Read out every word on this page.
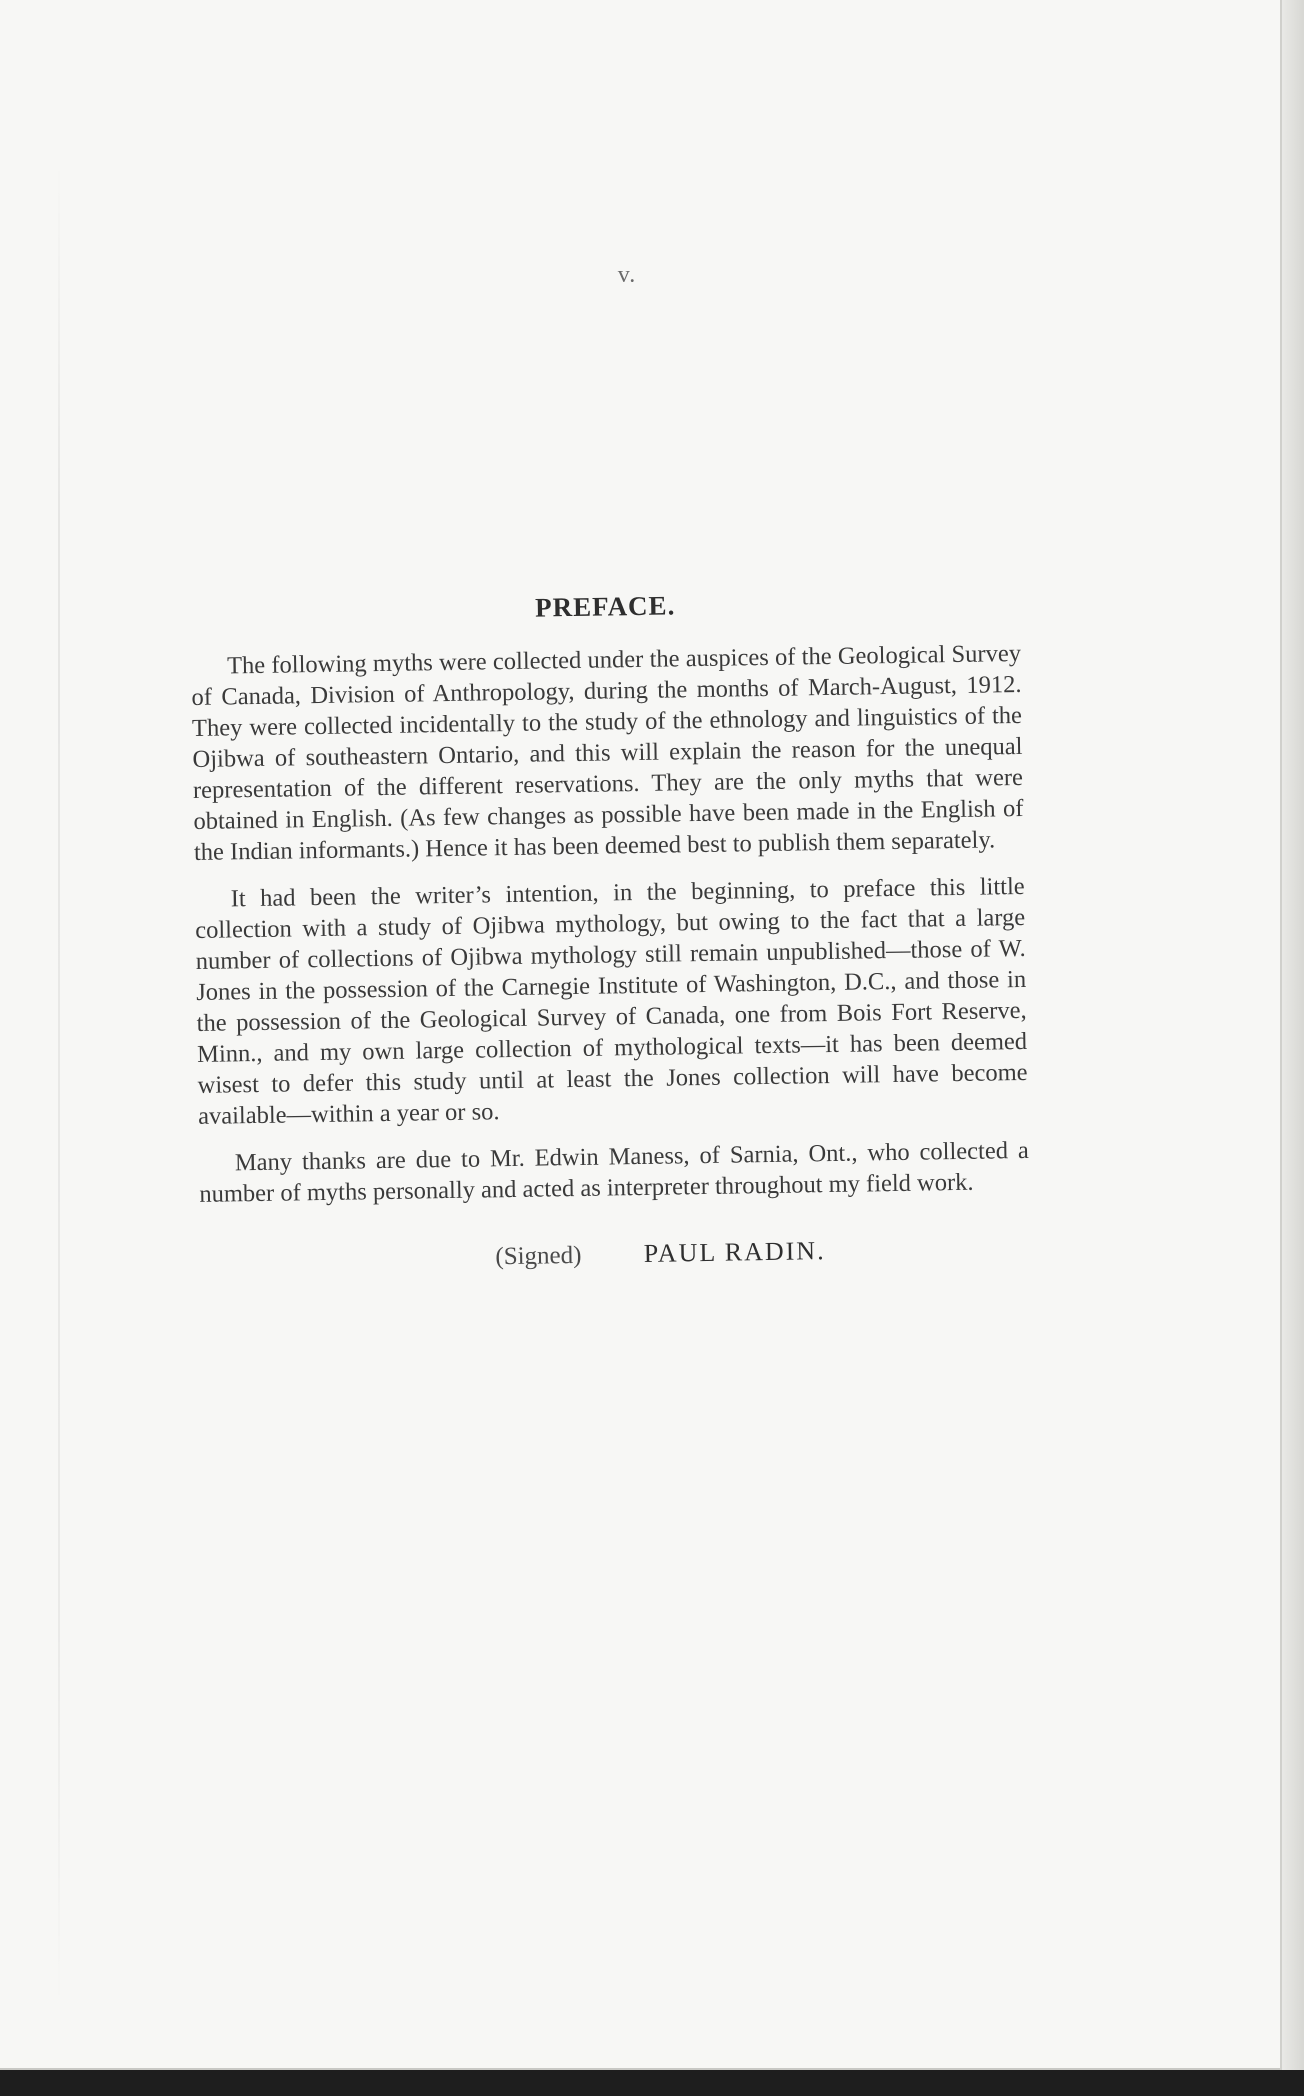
v.
PREFACE.

The following myths were collected under the auspices of the Geological Survey of Canada, Division of Anthropology, during the months of March-August, 1912. They were collected incidentally to the study of the ethnology and linguistics of the Ojibwa of southeastern Ontario, and this will explain the reason for the unequal representation of the different reservations. They are the only myths that were obtained in English. (As few changes as possible have been made in the English of the Indian informants.) Hence it has been deemed best to publish them separately.

It had been the writer’s intention, in the beginning, to preface this little collection with a study of Ojibwa mythology, but owing to the fact that a large number of collections of Ojibwa mythology still remain unpublished—those of W. Jones in the possession of the Carnegie Institute of Washington, D.C., and those in the possession of the Geological Survey of Canada, one from Bois Fort Reserve, Minn., and my own large collection of mythological texts—it has been deemed wisest to defer this study until at least the Jones collection will have become available—within a year or so.

Many thanks are due to Mr. Edwin Maness, of Sarnia, Ont., who collected a number of myths personally and acted as interpreter throughout my field work.

(Signed) PAUL RADIN.
